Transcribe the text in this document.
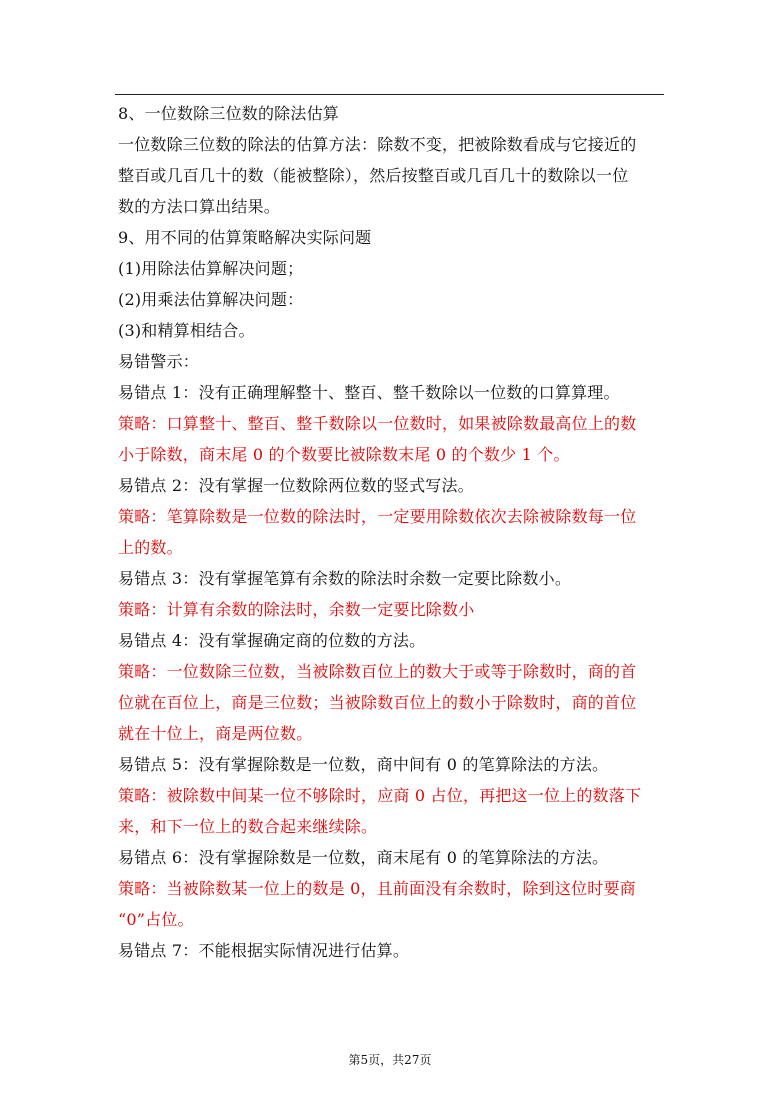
8、一位数除三位数的除法估算

一位数除三位数的除法的估算方法：除数不变，把被除数看成与它接近的

整百或几百几十的数（能被整除），然后按整百或几百几十的数除以一位

数的方法口算出结果。

9、用不同的估算策略解决实际问题

(1)用除法估算解决问题；

(2)用乘法估算解决问题：

(3)和精算相结合。

易错警示：

易错点 1：没有正确理解整十、整百、整千数除以一位数的口算算理。

策略：口算整十、整百、整千数除以一位数时，如果被除数最高位上的数

小于除数，商末尾 0 的个数要比被除数末尾 0 的个数少 1 个。

易错点 2：没有掌握一位数除两位数的竖式写法。

策略：笔算除数是一位数的除法时，一定要用除数依次去除被除数每一位

上的数。

易错点 3：没有掌握笔算有余数的除法时余数一定要比除数小。

策略：计算有余数的除法时，余数一定要比除数小

易错点 4：没有掌握确定商的位数的方法。

策略：一位数除三位数，当被除数百位上的数大于或等于除数时，商的首

位就在百位上，商是三位数；当被除数百位上的数小于除数时，商的首位

就在十位上，商是两位数。

易错点 5：没有掌握除数是一位数，商中间有 0 的笔算除法的方法。

策略：被除数中间某一位不够除时，应商 0 占位，再把这一位上的数落下

来，和下一位上的数合起来继续除。

易错点 6：没有掌握除数是一位数，商末尾有 0 的笔算除法的方法。

策略：当被除数某一位上的数是 0，且前面没有余数时，除到这位时要商

“0”占位。

易错点 7：不能根据实际情况进行估算。

第5页，共27页
